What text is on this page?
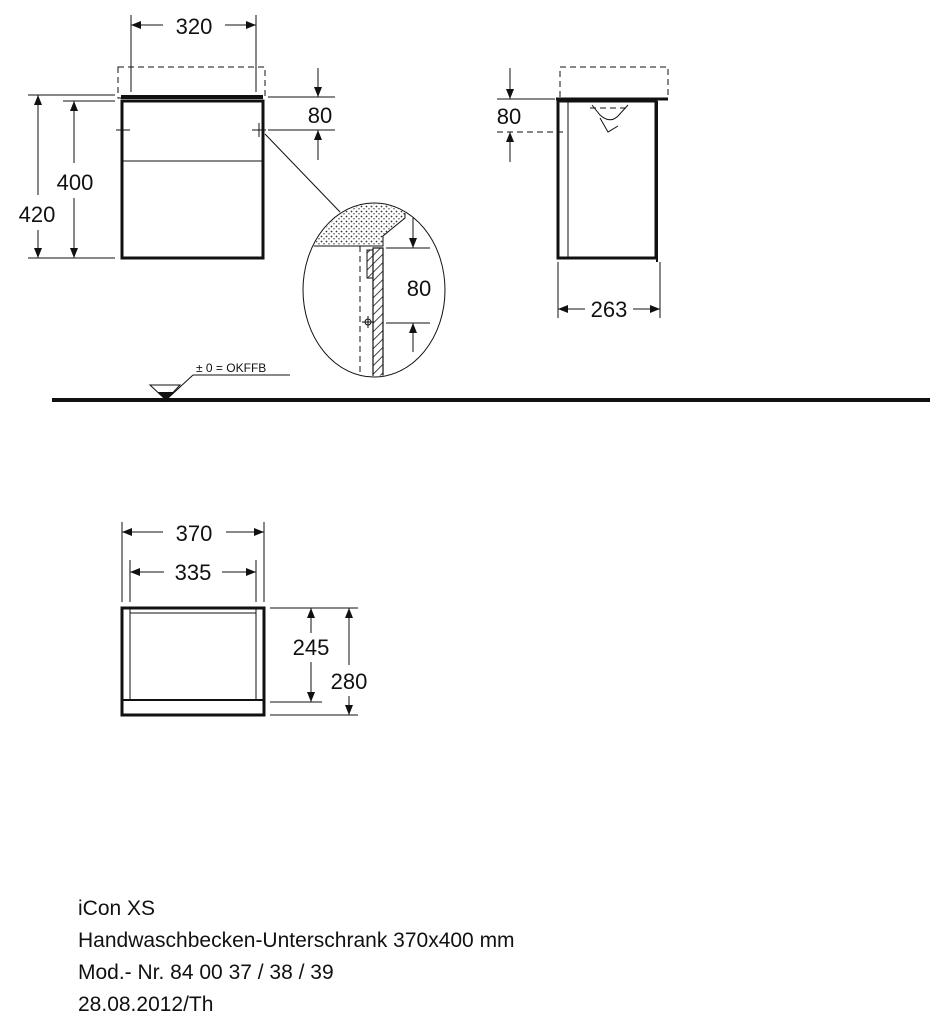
320
80
400
420
80
263
80
± 0 = OKFFB
370
335
245
280
iCon XS
Handwaschbecken-Unterschrank 370x400 mm
Mod.- Nr. 84 00 37 / 38 / 39
28.08.2012/Th
